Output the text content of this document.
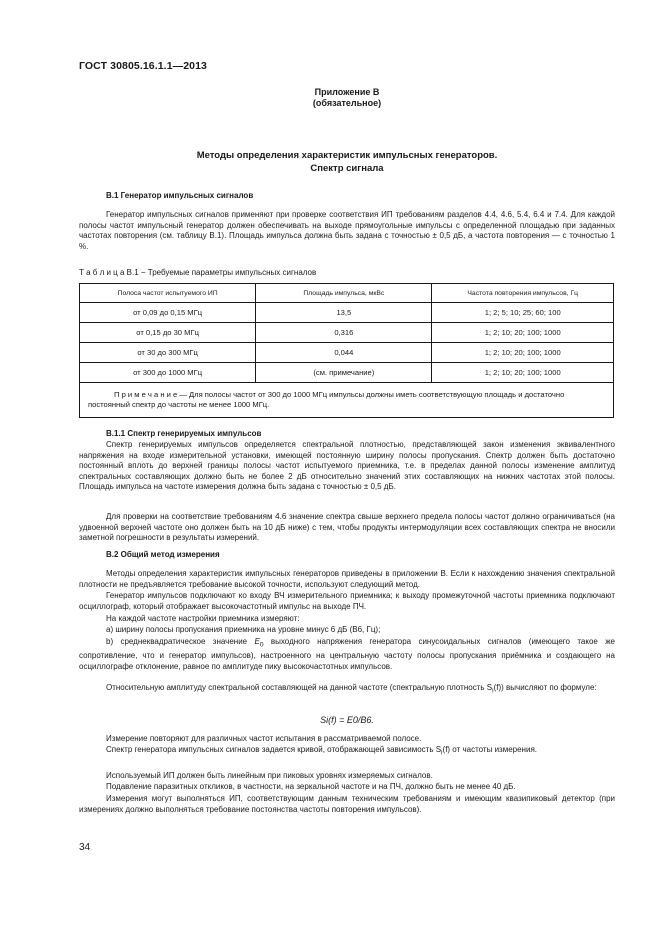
ГОСТ 30805.16.1.1—2013
Приложение В
(обязательное)
Методы определения характеристик импульсных генераторов.
Спектр сигнала
В.1 Генератор импульсных сигналов

Генератор импульсных сигналов применяют при проверке соответствия ИП требованиям разделов 4.4, 4.6, 5.4, 6.4 и 7.4. Для каждой полосы частот импульсный генератор должен обеспечивать на выходе прямоугольные импульсы с определенной площадью при заданных частотах повторения (см. таблицу В.1). Площадь импульса должна быть задана с точностью ± 0,5 дБ, а частота повторения — с точностью 1 %.

Т а б л и ц а В.1 − Требуемые параметры импульсных сигналов
Полоса частот испытуемого ИП	Площадь импульса, мкВс	Частота повторения импульсов, Гц
от 0,09 до 0,15 МГц	13,5	1; 2; 5; 10; 25; 60; 100
от 0,15 до 30 МГц	0,316	1; 2; 10; 20; 100; 1000
от 30 до 300 МГц	0,044	1; 2; 10; 20; 100; 1000
от 300 до 1000 МГц	(см. примечание)	1; 2; 10; 20; 100; 1000
П р и м е ч а н и е — Для полосы частот от 300 до 1000 МГц импульсы должны иметь соответствующую площадь и достаточно постоянный спектр до частоты не менее 1000 МГц.		
В.1.1 Спектр генерируемых импульсов

Спектр генерируемых импульсов определяется спектральной плотностью, представляющей закон изменения эквивалентного напряжения на входе измерительной установки, имеющей постоянную ширину полосы пропускания. Спектр должен быть достаточно постоянный вплоть до верхней границы полосы частот испытуемого приемника, т.е. в пределах данной полосы изменение амплитуд спектральных составляющих должно быть не более 2 дБ относительно значений этих составляющих на нижних частотах этой полосы. Площадь импульса на частоте измерения должна быть задана с точностью ± 0,5 дБ.

Для проверки на соответствие требованиям 4.6 значение спектра свыше верхнего предела полосы частот должно ограничиваться (на удвоенной верхней частоте оно должен быть на 10 дБ ниже) с тем, чтобы продукты интермодуляции всех составляющих спектра не вносили заметной погрешности в результаты измерений.

В.2 Общий метод измерения

Методы определения характеристик импульсных генераторов приведены в приложении В. Если к нахождению значения спектральной плотности не предъявляется требование высокой точности, используют следующий метод.

Генератор импульсов подключают ко входу ВЧ измерительного приемника; к выходу промежуточной частоты приемника подключают осциллограф, который отображает высокочастотный импульс на выходе ПЧ.

На каждой частоте настройки приемника измеряют:

а) ширину полосы пропускания приемника на уровне минус 6 дБ (В6, Гц);

b) среднеквадратическое значение $E_0$ выходного напряжения генератора синусоидальных сигналов (имеющего такое же сопротивление, что и генератор импульсов), настроенного на центральную частоту полосы пропускания приёмника и создающего на осциллографе отклонение, равное по амплитуде пику высокочастотных импульсов.

Относительную амплитуду спектральной составляющей на данной частоте (спектральную плотность $S_i(f)$) вычисляют по формуле:

Si(f) = E0/B6.

Измерение повторяют для различных частот испытания в рассматриваемой полосе.

Спектр генератора импульсных сигналов задается кривой, отображающей зависимость $S_i(f)$ от частоты измерения.

Используемый ИП должен быть линейным при пиковых уровнях измеряемых сигналов.

Подавление паразитных откликов, в частности, на зеркальной частоте и на ПЧ, должно быть не менее 40 дБ.

Измерения могут выполняться ИП, соответствующим данным техническим требованиям и имеющим квазипиковый детектор (при измерениях должно выполняться требование постоянства частоты повторения импульсов).

34
